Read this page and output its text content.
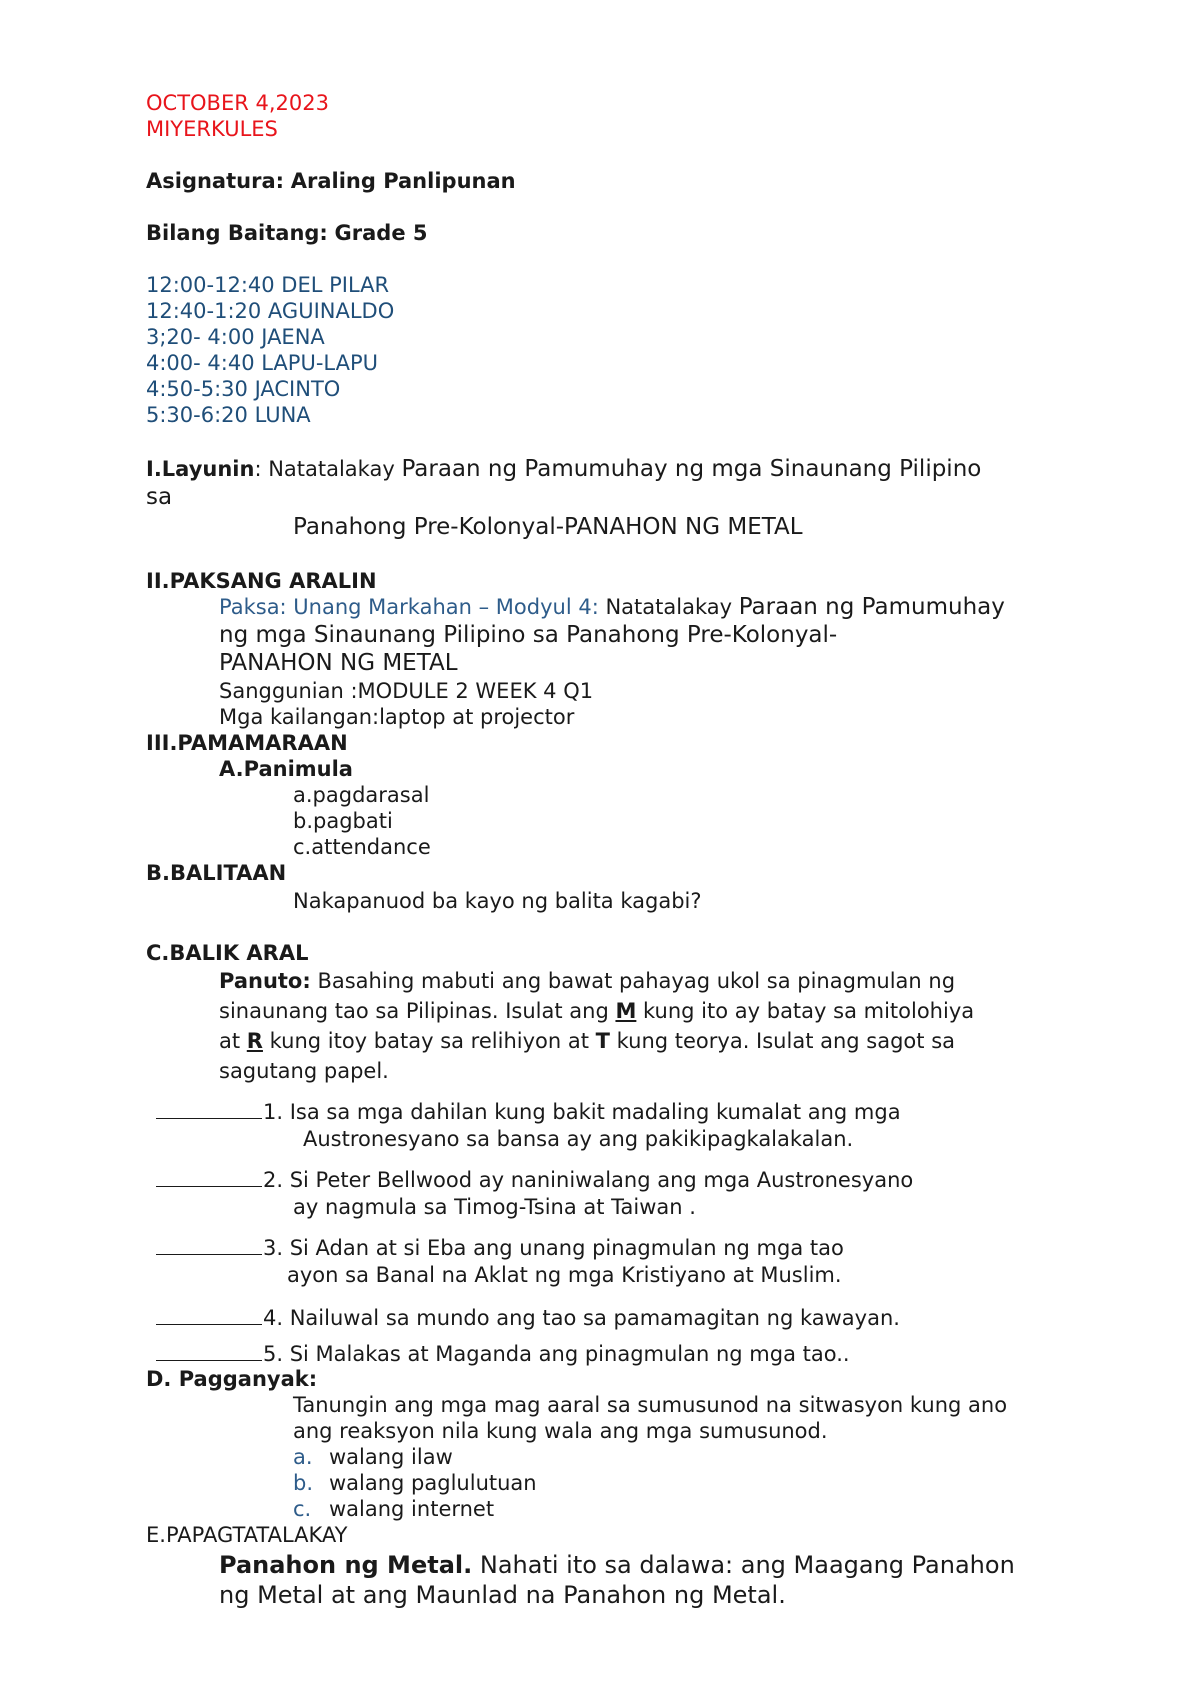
OCTOBER 4,2023
MIYERKULES
Asignatura: Araling Panlipunan
Bilang Baitang: Grade 5
12:00-12:40 DEL PILAR
12:40-1:20 AGUINALDO
3;20- 4:00 JAENA
4:00- 4:40 LAPU-LAPU
4:50-5:30 JACINTO
5:30-6:20 LUNA
I.Layunin: Natatalakay Paraan ng Pamumuhay ng mga Sinaunang Pilipino
sa
Panahong Pre-Kolonyal-PANAHON NG METAL
II.PAKSANG ARALIN
Paksa: Unang Markahan – Modyul 4: Natatalakay Paraan ng Pamumuhay
ng mga Sinaunang Pilipino sa Panahong Pre-Kolonyal-
PANAHON NG METAL
Sanggunian :MODULE 2 WEEK 4 Q1
Mga kailangan:laptop at projector
III.PAMAMARAAN
A.Panimula
a.pagdarasal
b.pagbati
c.attendance
B.BALITAAN
Nakapanuod ba kayo ng balita kagabi?
C.BALIK ARAL
Panuto: Basahing mabuti ang bawat pahayag ukol sa pinagmulan ng
sinaunang tao sa Pilipinas. Isulat ang M kung ito ay batay sa mitolohiya
at R kung itoy batay sa relihiyon at T kung teorya. Isulat ang sagot sa
sagutang papel.
1. Isa sa mga dahilan kung bakit madaling kumalat ang mga
Austronesyano sa bansa ay ang pakikipagkalakalan.
2. Si Peter Bellwood ay naniniwalang ang mga Austronesyano
ay nagmula sa Timog-Tsina at Taiwan .
3. Si Adan at si Eba ang unang pinagmulan ng mga tao
ayon sa Banal na Aklat ng mga Kristiyano at Muslim.
4. Nailuwal sa mundo ang tao sa pamamagitan ng kawayan.
5. Si Malakas at Maganda ang pinagmulan ng mga tao..
D. Pagganyak:
Tanungin ang mga mag aaral sa sumusunod na sitwasyon kung ano
ang reaksyon nila kung wala ang mga sumusunod.
a. walang ilaw
b. walang paglulutuan
c. walang internet
E.PAPAGTATALAKAY
Panahon ng Metal. Nahati ito sa dalawa: ang Maagang Panahon
ng Metal at ang Maunlad na Panahon ng Metal.
